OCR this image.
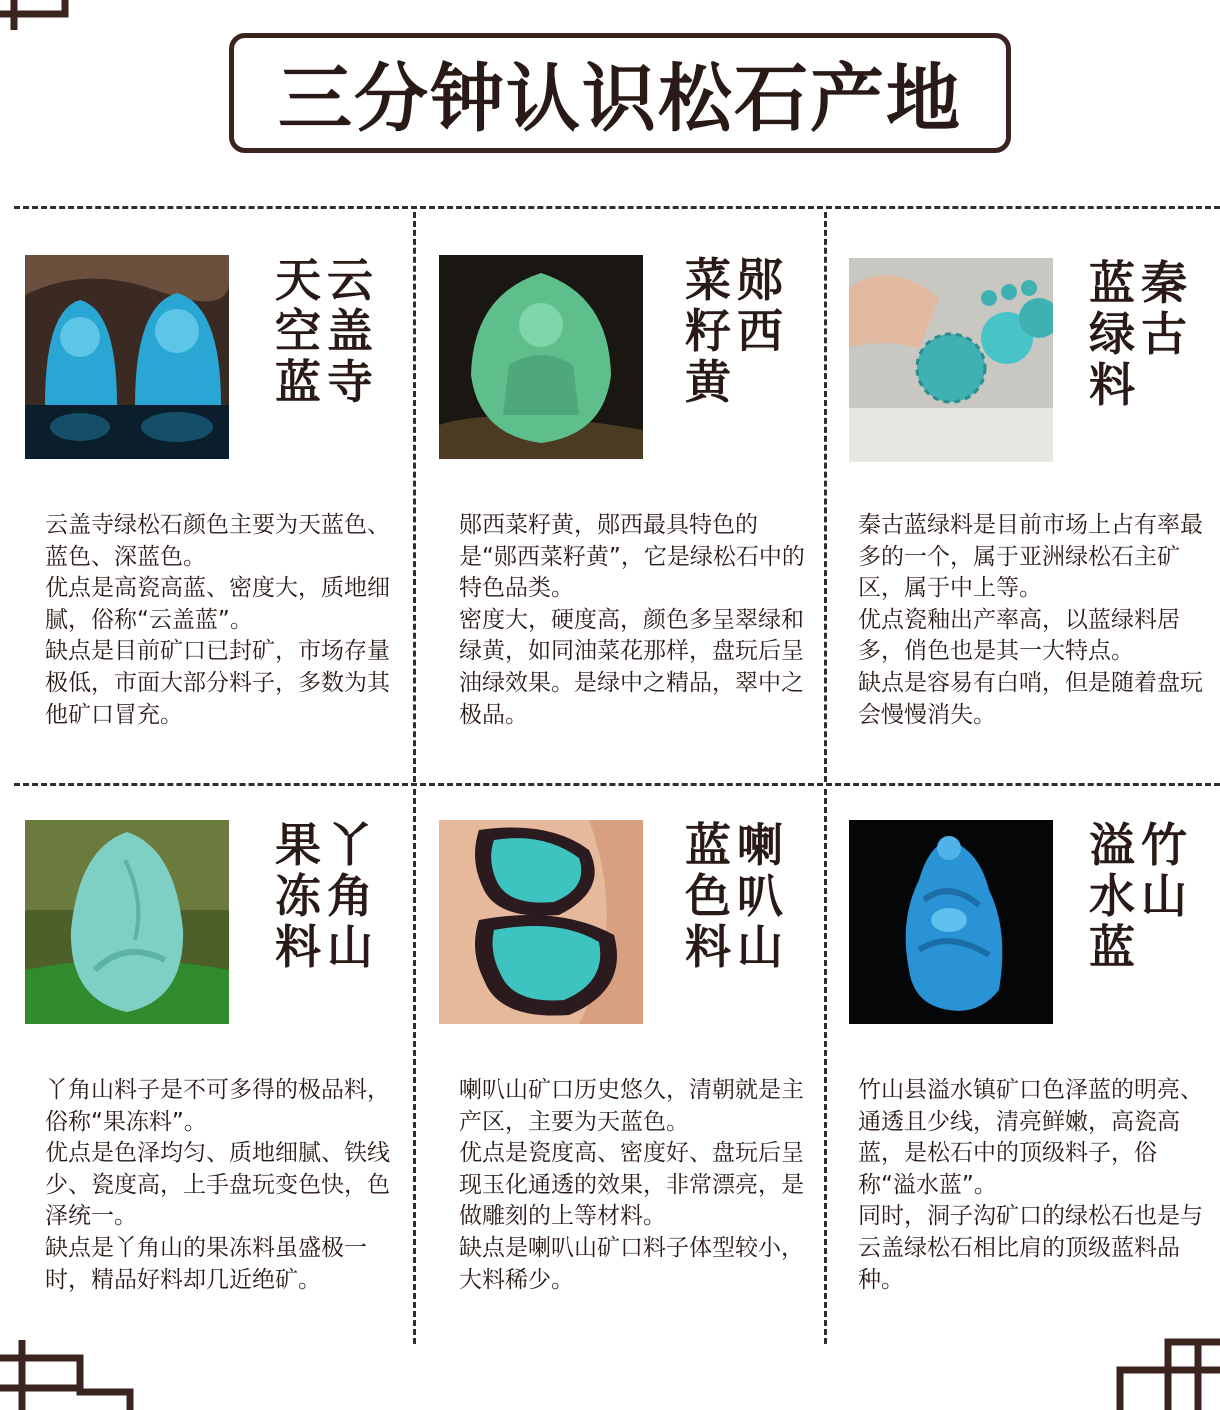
三分钟认识松石产地
云盖寺
天空蓝

云盖寺绿松石颜色主要为天蓝色、蓝色、深蓝色。

优点是高瓷高蓝、密度大，质地细腻，俗称“云盖蓝”。

缺点是目前矿口已封矿，市场存量极低，市面大部分料子，多数为其他矿口冒充。

郧西
菜籽黄

郧西菜籽黄，郧西最具特色的是“郧西菜籽黄”，它是绿松石中的特色品类。

密度大，硬度高，颜色多呈翠绿和绿黄，如同油菜花那样，盘玩后呈油绿效果。是绿中之精品，翠中之极品。

秦古
蓝绿料

秦古蓝绿料是目前市场上占有率最多的一个，属于亚洲绿松石主矿区，属于中上等。

优点瓷釉出产率高，以蓝绿料居多，俏色也是其一大特点。

缺点是容易有白哨，但是随着盘玩会慢慢消失。

丫角山
果冻料

丫角山料子是不可多得的极品料，俗称“果冻料”。

优点是色泽均匀、质地细腻、铁线少、瓷度高，上手盘玩变色快，色泽统一。

缺点是丫角山的果冻料虽盛极一时，精品好料却几近绝矿。

喇叭山
蓝色料

喇叭山矿口历史悠久，清朝就是主产区，主要为天蓝色。

优点是瓷度高、密度好、盘玩后呈现玉化通透的效果，非常漂亮，是做雕刻的上等材料。

缺点是喇叭山矿口料子体型较小，大料稀少。

竹山
溢水蓝

竹山县溢水镇矿口色泽蓝的明亮、通透且少线，清亮鲜嫩，高瓷高蓝，是松石中的顶级料子，俗称“溢水蓝”。

同时，洞子沟矿口的绿松石也是与云盖绿松石相比肩的顶级蓝料品种。
